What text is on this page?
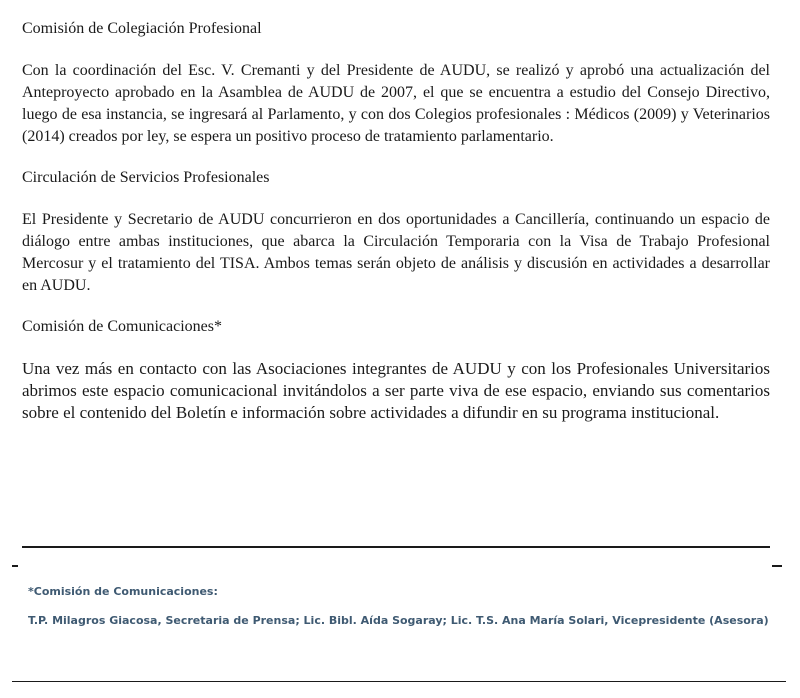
Comisión de Colegiación Profesional

Con la coordinación del Esc. V. Cremanti y del Presidente de AUDU, se realizó y aprobó una actualización del Anteproyecto aprobado en la Asamblea de AUDU de 2007, el que se encuentra a estudio del Consejo Directivo, luego de esa instancia, se ingresará al Parlamento, y con dos Colegios profesionales : Médicos (2009) y Veterinarios (2014) creados por ley, se espera un positivo proceso de tratamiento parlamentario.

Circulación de Servicios Profesionales

El Presidente y Secretario de AUDU concurrieron en dos oportunidades a Cancillería, continuando un espacio de diálogo entre ambas instituciones, que abarca la Circulación Temporaria con la Visa de Trabajo Profesional Mercosur y el tratamiento del TISA. Ambos temas serán objeto de análisis y discusión en actividades a desarrollar en AUDU.

Comisión de Comunicaciones*

Una vez más en contacto con las Asociaciones integrantes de AUDU y con los Profesionales Universitarios abrimos este espacio comunicacional invitándolos a ser parte viva de ese espacio, enviando sus comentarios sobre el contenido del Boletín e información sobre actividades a difundir en su programa institucional.

*Comisión de Comunicaciones:

T.P. Milagros Giacosa, Secretaria de Prensa; Lic. Bibl. Aída Sogaray; Lic. T.S. Ana María Solari, Vicepresidente (Asesora)
